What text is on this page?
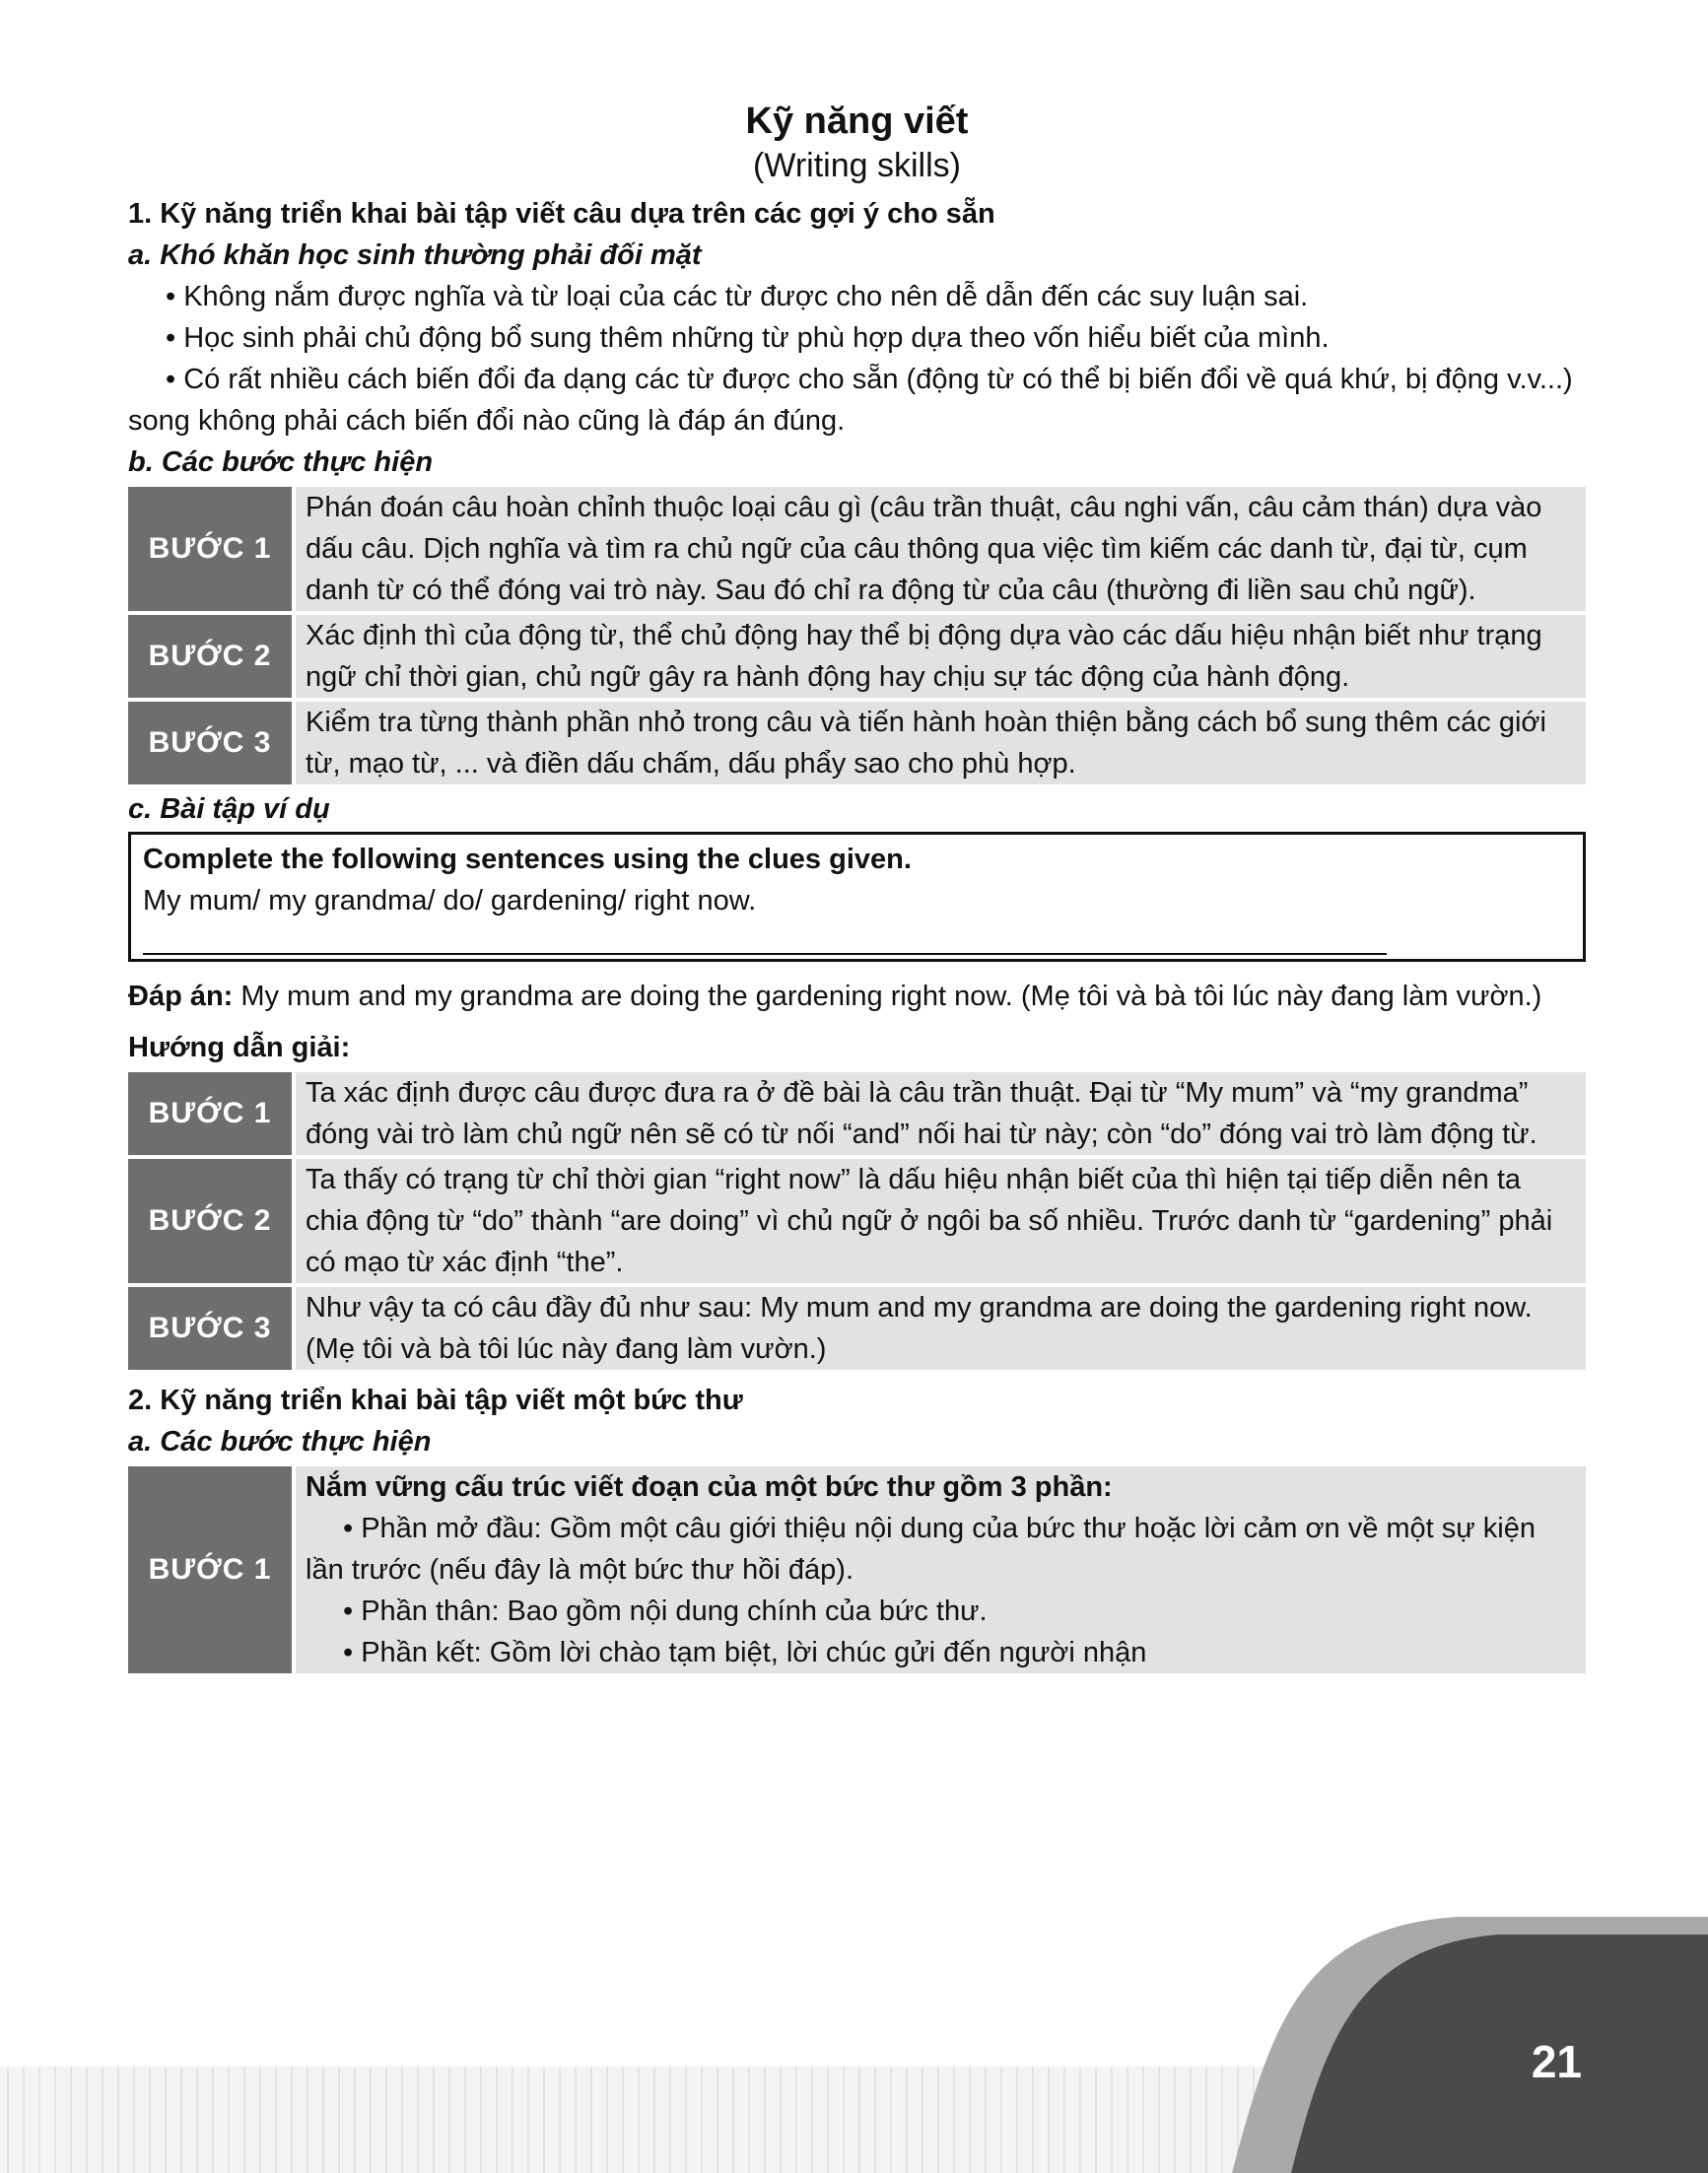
Kỹ năng viết

(Writing skills)

1. Kỹ năng triển khai bài tập viết câu dựa trên các gợi ý cho sẵn

a. Khó khăn học sinh thường phải đối mặt

• Không nắm được nghĩa và từ loại của các từ được cho nên dễ dẫn đến các suy luận sai.

• Học sinh phải chủ động bổ sung thêm những từ phù hợp dựa theo vốn hiểu biết của mình.

• Có rất nhiều cách biến đổi đa dạng các từ được cho sẵn (động từ có thể bị biến đổi về quá khứ, bị động v.v...) song không phải cách biến đổi nào cũng là đáp án đúng.

b. Các bước thực hiện

BƯỚC 1
Phán đoán câu hoàn chỉnh thuộc loại câu gì (câu trần thuật, câu nghi vấn, câu cảm thán) dựa vào dấu câu. Dịch nghĩa và tìm ra chủ ngữ của câu thông qua việc tìm kiếm các danh từ, đại từ, cụm danh từ có thể đóng vai trò này. Sau đó chỉ ra động từ của câu (thường đi liền sau chủ ngữ).
BƯỚC 2
Xác định thì của động từ, thể chủ động hay thể bị động dựa vào các dấu hiệu nhận biết như trạng ngữ chỉ thời gian, chủ ngữ gây ra hành động hay chịu sự tác động của hành động.
BƯỚC 3
Kiểm tra từng thành phần nhỏ trong câu và tiến hành hoàn thiện bằng cách bổ sung thêm các giới từ, mạo từ, ... và điền dấu chấm, dấu phẩy sao cho phù hợp.

c. Bài tập ví dụ

Complete the following sentences using the clues given.
My mum/ my grandma/ do/ gardening/ right now.

Đáp án: My mum and my grandma are doing the gardening right now. (Mẹ tôi và bà tôi lúc này đang làm vườn.)

Hướng dẫn giải:

BƯỚC 1
Ta xác định được câu được đưa ra ở đề bài là câu trần thuật. Đại từ “My mum” và “my grandma” đóng vài trò làm chủ ngữ nên sẽ có từ nối “and” nối hai từ này; còn “do” đóng vai trò làm động từ.
BƯỚC 2
Ta thấy có trạng từ chỉ thời gian “right now” là dấu hiệu nhận biết của thì hiện tại tiếp diễn nên ta chia động từ “do” thành “are doing” vì chủ ngữ ở ngôi ba số nhiều. Trước danh từ “gardening” phải có mạo từ xác định “the”.
BƯỚC 3
Như vậy ta có câu đầy đủ như sau: My mum and my grandma are doing the gardening right now. (Mẹ tôi và bà tôi lúc này đang làm vườn.)

2. Kỹ năng triển khai bài tập viết một bức thư

a. Các bước thực hiện

BƯỚC 1
Nắm vững cấu trúc viết đoạn của một bức thư gồm 3 phần:

• Phần mở đầu: Gồm một câu giới thiệu nội dung của bức thư hoặc lời cảm ơn về một sự kiện lần trước (nếu đây là một bức thư hồi đáp).

• Phần thân: Bao gồm nội dung chính của bức thư.

• Phần kết: Gồm lời chào tạm biệt, lời chúc gửi đến người nhận

21
